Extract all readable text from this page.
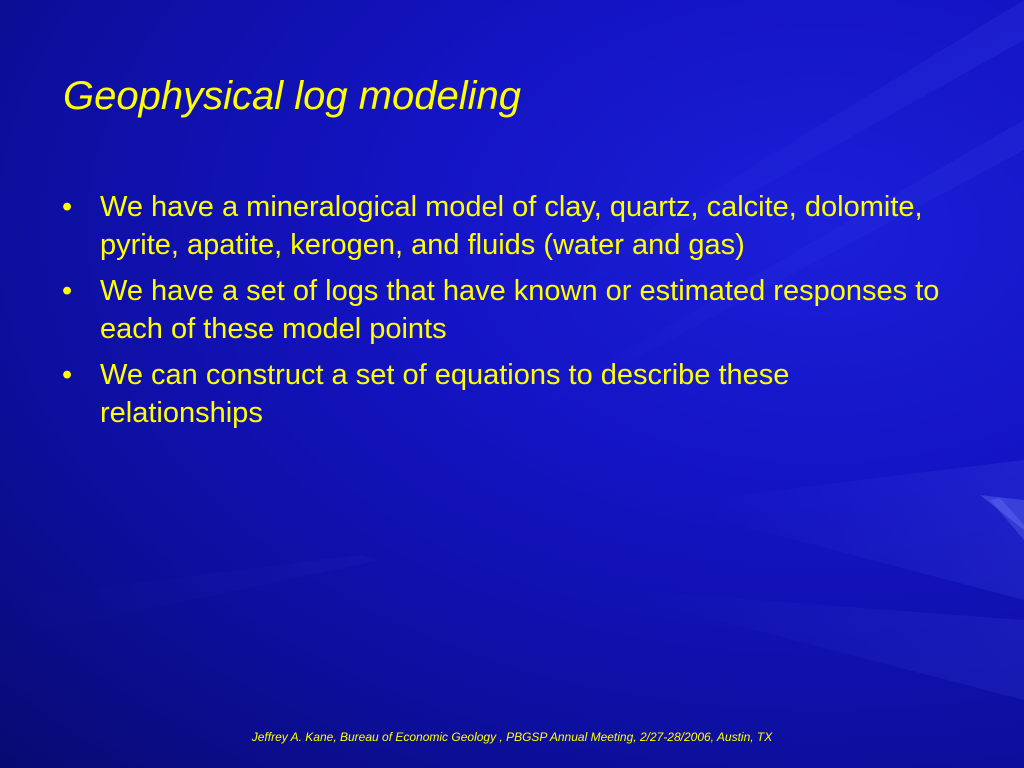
Geophysical log modeling
• We have a mineralogical model of clay, quartz, calcite, dolomite, pyrite, apatite, kerogen, and fluids (water and gas)
• We have a set of logs that have known or estimated responses to each of these model points
• We can construct a set of equations to describe these relationships
Jeffrey A. Kane, Bureau of Economic Geology , PBGSP Annual Meeting, 2/27-28/2006, Austin, TX
